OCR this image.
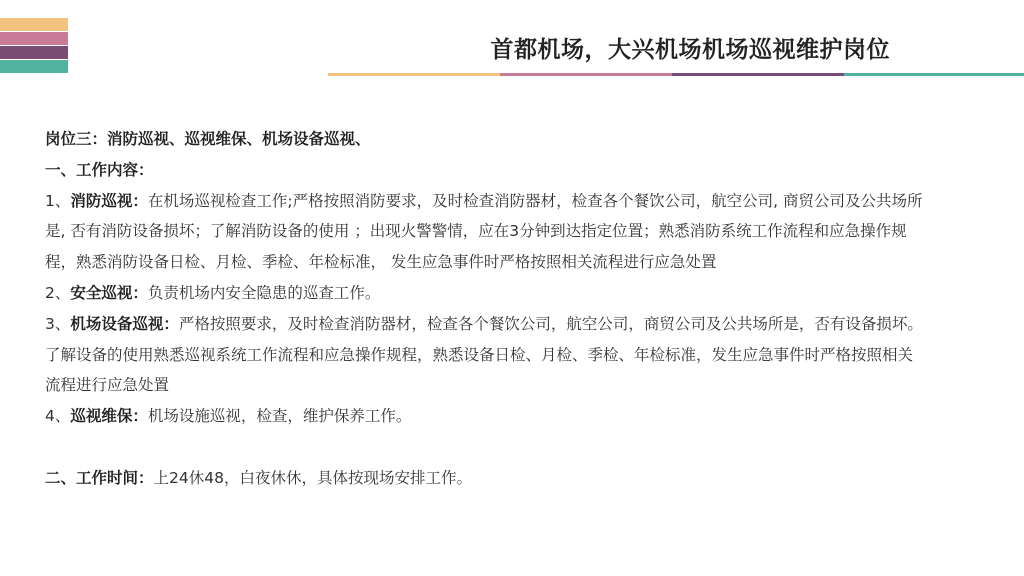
首都机场，大兴机场机场巡视维护岗位

岗位三：消防巡视、巡视维保、机场设备巡视、

一、工作内容：

1、消防巡视：在机场巡视检查工作;严格按照消防要求，及时检查消防器材，检查各个餐饮公司，航空公司, 商贸公司及公共场所是, 否有消防设备损坏；了解消防设备的使用 ；出现火警警情，应在3分钟到达指定位置；熟悉消防系统工作流程和应急操作规程，熟悉消防设备日检、月检、季检、年检标准， 发生应急事件时严格按照相关流程进行应急处置

2、安全巡视：负责机场内安全隐患的巡查工作。

3、机场设备巡视：严格按照要求，及时检查消防器材，检查各个餐饮公司，航空公司，商贸公司及公共场所是，否有设备损坏。了解设备的使用熟悉巡视系统工作流程和应急操作规程，熟悉设备日检、月检、季检、年检标准，发生应急事件时严格按照相关流程进行应急处置

4、巡视维保：机场设施巡视，检查，维护保养工作。

二、工作时间：上24休48，白夜休休，具体按现场安排工作。
